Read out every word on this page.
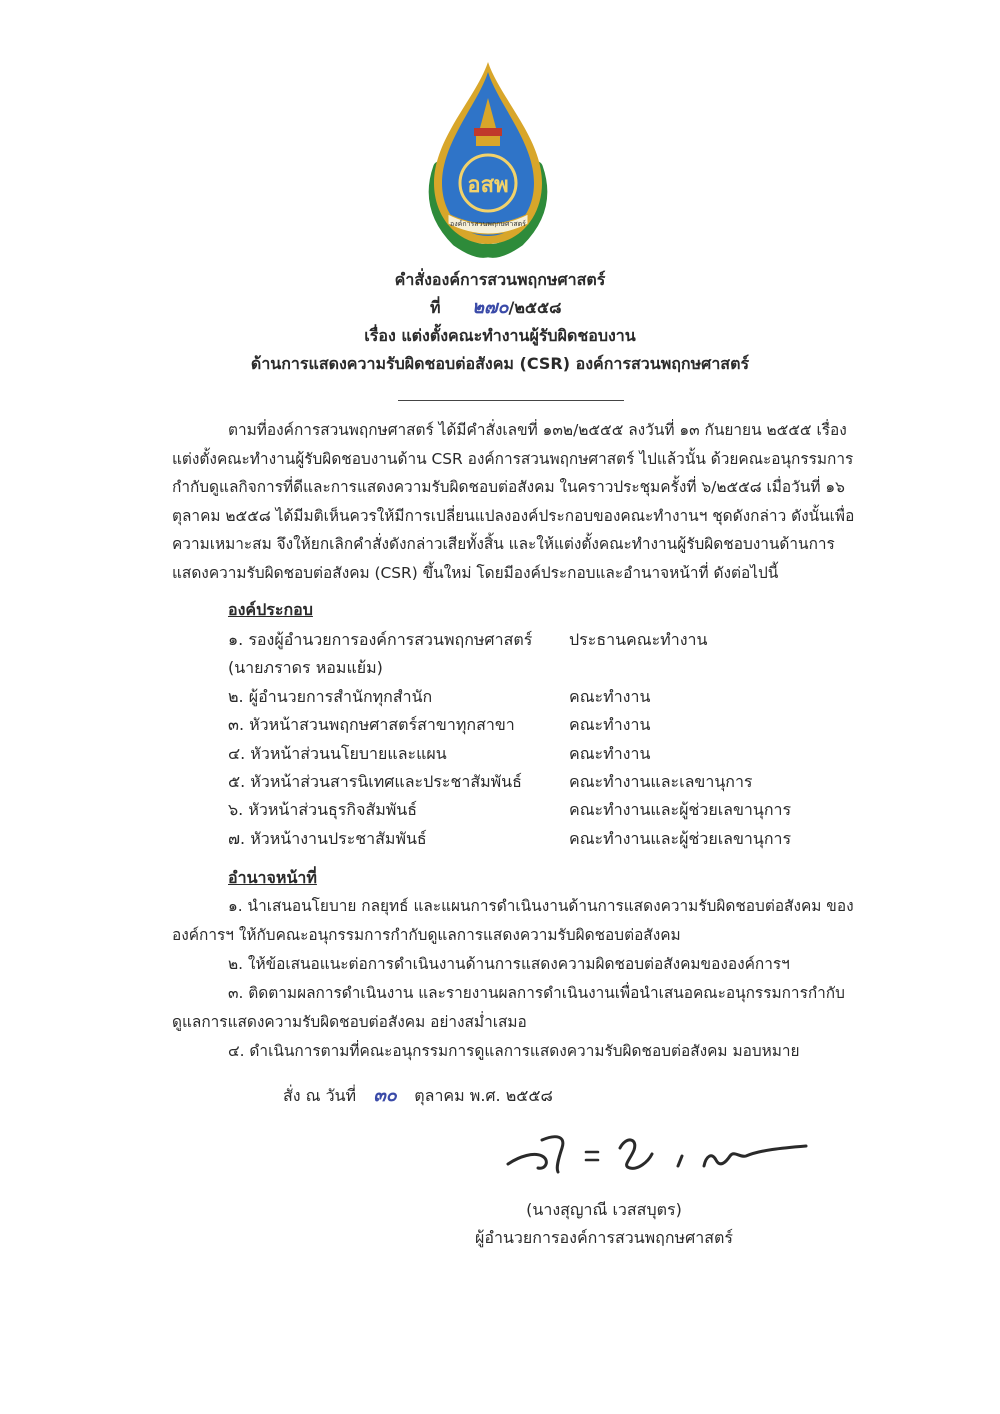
อสพ
องค์การสวนพฤกษศาสตร์
คำสั่งองค์การสวนพฤกษศาสตร์
ที่ ๒๗๐/๒๕๕๘
เรื่อง แต่งตั้งคณะทำงานผู้รับผิดชอบงาน
ด้านการแสดงความรับผิดชอบต่อสังคม (CSR) องค์การสวนพฤกษศาสตร์
ตามที่องค์การสวนพฤกษศาสตร์ ได้มีคำสั่งเลขที่ ๑๓๒/๒๕๕๕ ลงวันที่ ๑๓ กันยายน ๒๕๕๕ เรื่อง
แต่งตั้งคณะทำงานผู้รับผิดชอบงานด้าน CSR องค์การสวนพฤกษศาสตร์ ไปแล้วนั้น ด้วยคณะอนุกรรมการ
กำกับดูแลกิจการที่ดีและการแสดงความรับผิดชอบต่อสังคม ในคราวประชุมครั้งที่ ๖/๒๕๕๘ เมื่อวันที่ ๑๖
ตุลาคม ๒๕๕๘ ได้มีมติเห็นควรให้มีการเปลี่ยนแปลงองค์ประกอบของคณะทำงานฯ ชุดดังกล่าว ดังนั้นเพื่อ
ความเหมาะสม จึงให้ยกเลิกคำสั่งดังกล่าวเสียทั้งสิ้น และให้แต่งตั้งคณะทำงานผู้รับผิดชอบงานด้านการ
แสดงความรับผิดชอบต่อสังคม (CSR) ขึ้นใหม่ โดยมีองค์ประกอบและอำนาจหน้าที่ ดังต่อไปนี้
องค์ประกอบ
๑. รองผู้อำนวยการองค์การสวนพฤกษศาสตร์ ประธานคณะทำงาน
(นายภราดร หอมแย้ม)
๒. ผู้อำนวยการสำนักทุกสำนัก	คณะทำงาน
๓. หัวหน้าสวนพฤกษศาสตร์สาขาทุกสาขา	คณะทำงาน
๔. หัวหน้าส่วนนโยบายและแผน	คณะทำงาน
๕. หัวหน้าส่วนสารนิเทศและประชาสัมพันธ์	คณะทำงานและเลขานุการ
๖. หัวหน้าส่วนธุรกิจสัมพันธ์	คณะทำงานและผู้ช่วยเลขานุการ
๗. หัวหน้างานประชาสัมพันธ์	คณะทำงานและผู้ช่วยเลขานุการ
อำนาจหน้าที่
๑. นำเสนอนโยบาย กลยุทธ์ และแผนการดำเนินงานด้านการแสดงความรับผิดชอบต่อสังคม ของ
องค์การฯ ให้กับคณะอนุกรรมการกำกับดูแลการแสดงความรับผิดชอบต่อสังคม
๒. ให้ข้อเสนอแนะต่อการดำเนินงานด้านการแสดงความผิดชอบต่อสังคมขององค์การฯ
๓. ติดตามผลการดำเนินงาน และรายงานผลการดำเนินงานเพื่อนำเสนอคณะอนุกรรมการกำกับ
ดูแลการแสดงความรับผิดชอบต่อสังคม อย่างสม่ำเสมอ
๔. ดำเนินการตามที่คณะอนุกรรมการดูแลการแสดงความรับผิดชอบต่อสังคม มอบหมาย
สั่ง ณ วันที่ ๓๐ ตุลาคม พ.ศ. ๒๕๕๘
(นางสุญาณี เวสสบุตร)
ผู้อำนวยการองค์การสวนพฤกษศาสตร์
